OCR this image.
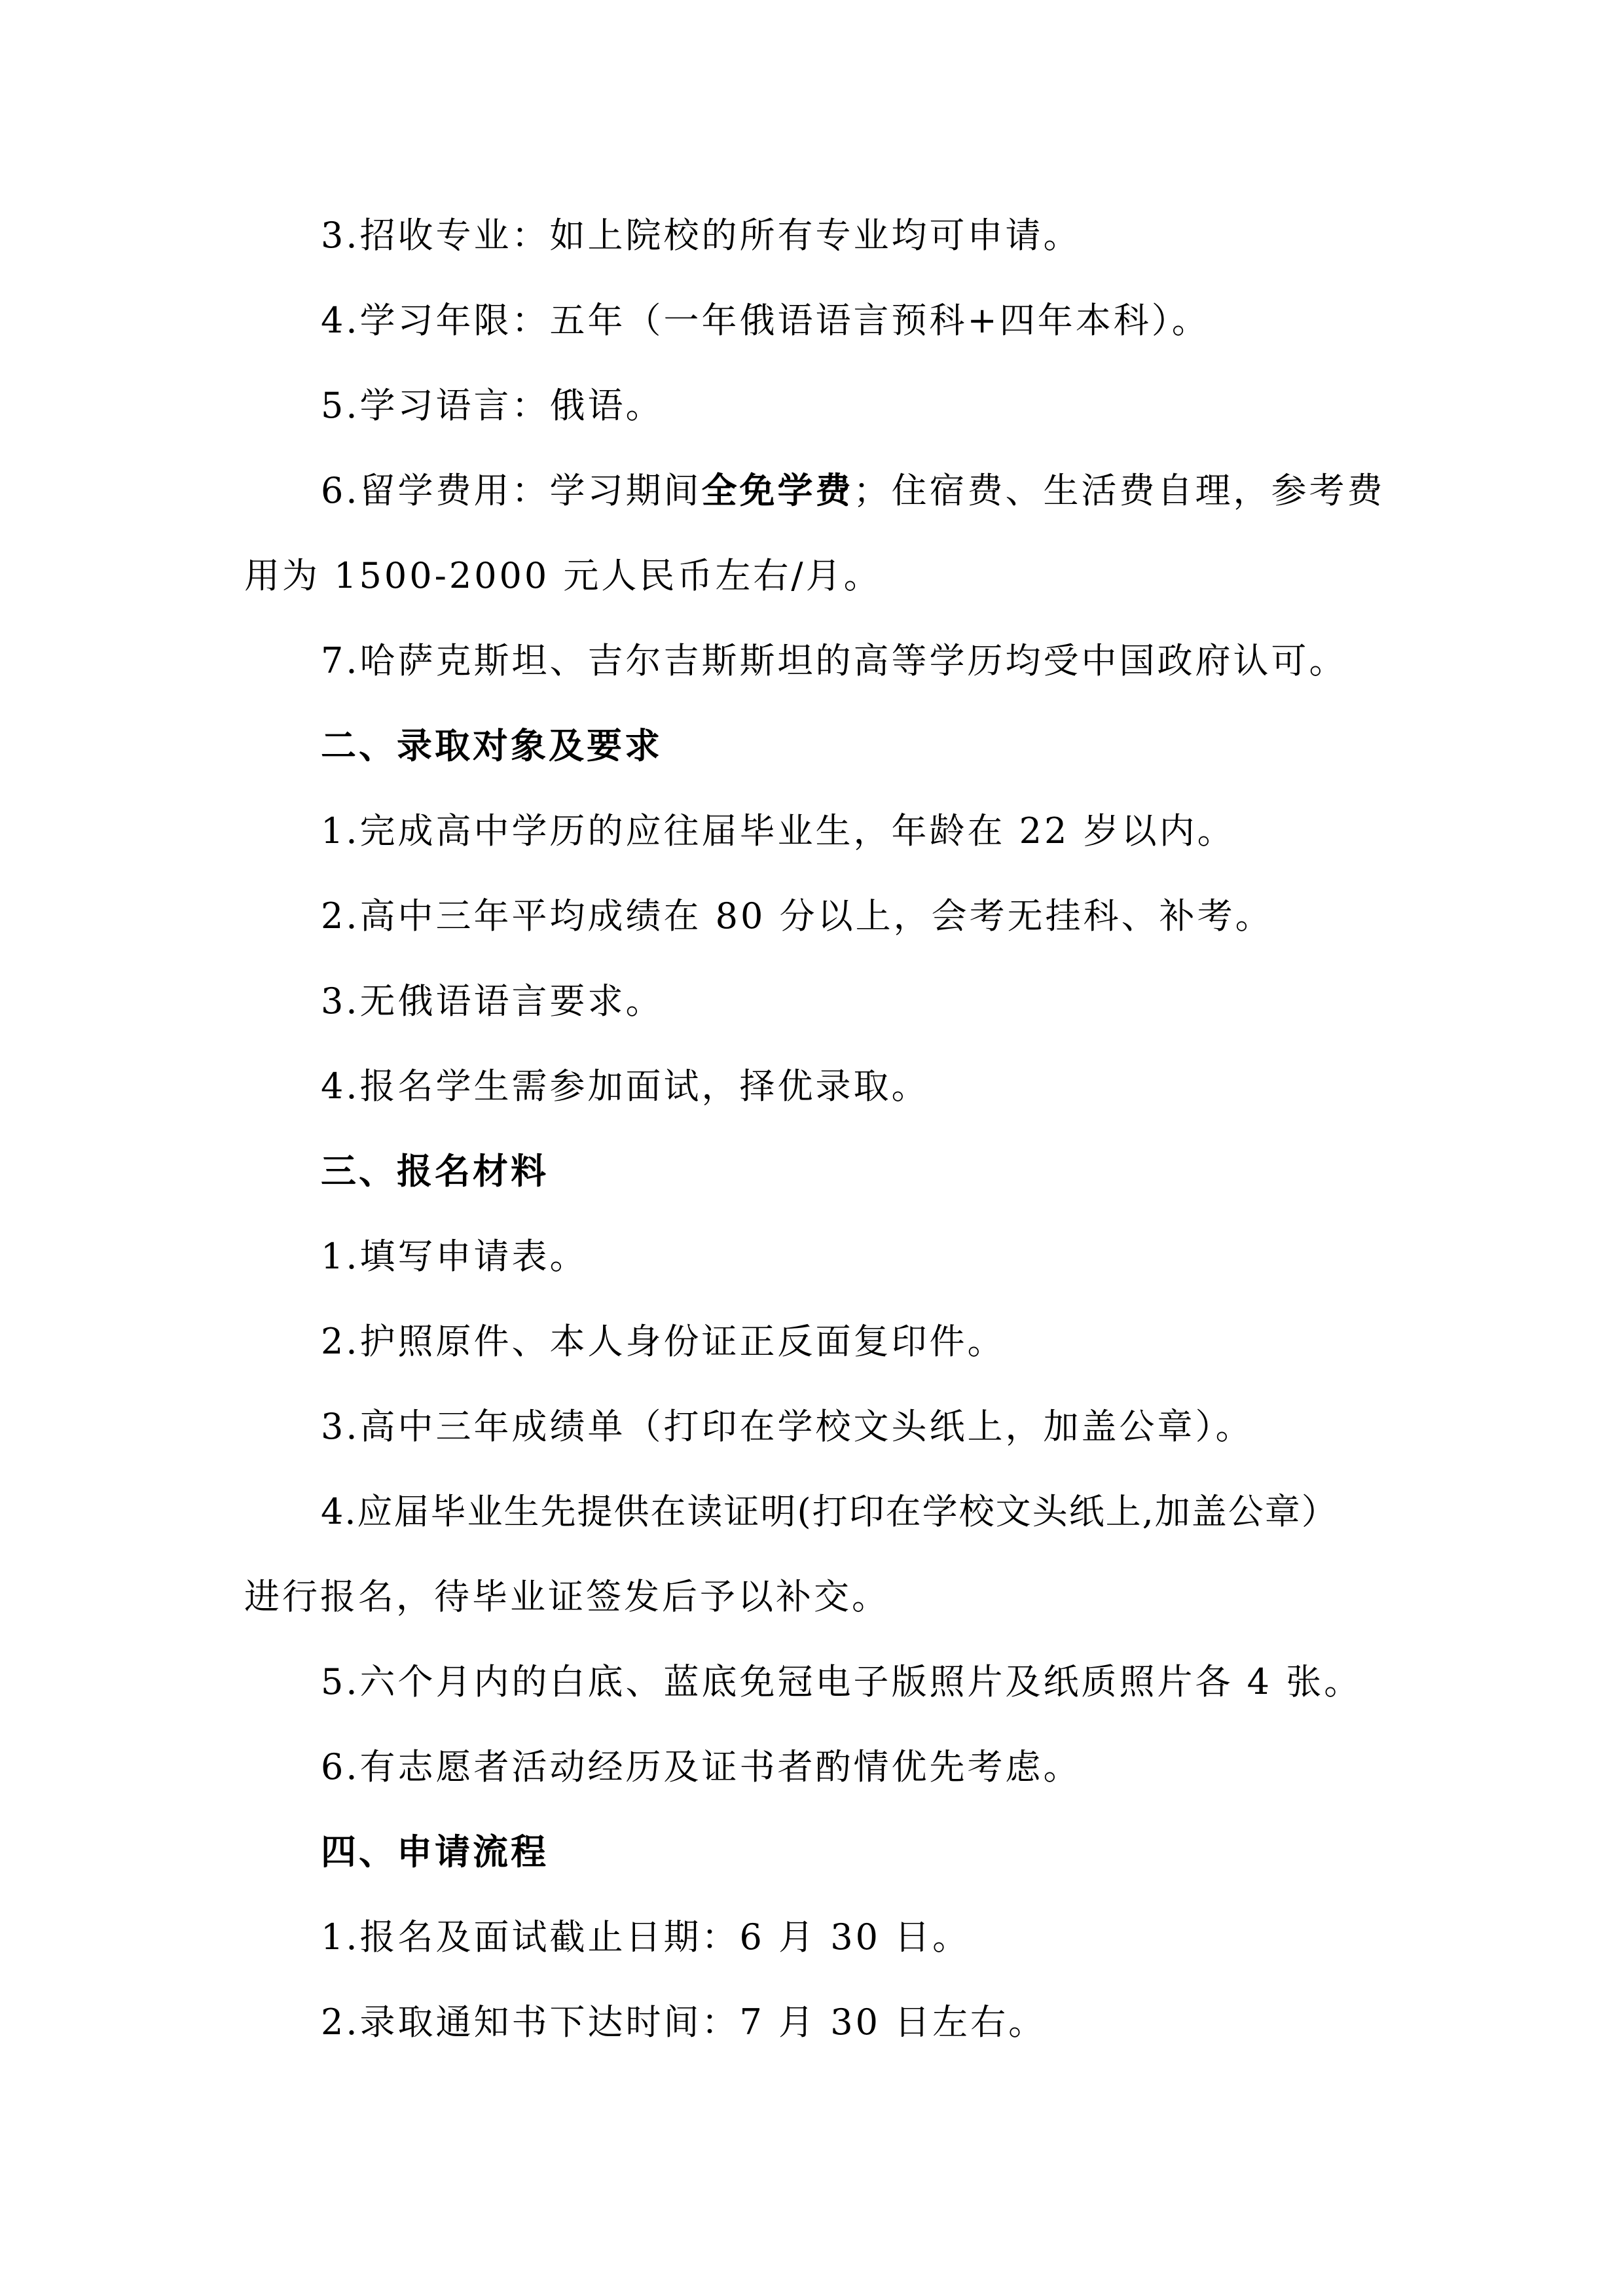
3.招收专业：如上院校的所有专业均可申请。
4.学习年限：五年（一年俄语语言预科+四年本科）。
5.学习语言：俄语。
6.留学费用：学习期间全免学费；住宿费、生活费自理，参考费
用为 1500-2000 元人民币左右/月。
7.哈萨克斯坦、吉尔吉斯斯坦的高等学历均受中国政府认可。
二、录取对象及要求
1.完成高中学历的应往届毕业生，年龄在 22 岁以内。
2.高中三年平均成绩在 80 分以上，会考无挂科、补考。
3.无俄语语言要求。
4.报名学生需参加面试，择优录取。
三、报名材料
1.填写申请表。
2.护照原件、本人身份证正反面复印件。
3.高中三年成绩单（打印在学校文头纸上，加盖公章）。
4.应届毕业生先提供在读证明(打印在学校文头纸上,加盖公章）
进行报名，待毕业证签发后予以补交。
5.六个月内的白底、蓝底免冠电子版照片及纸质照片各 4 张。
6.有志愿者活动经历及证书者酌情优先考虑。
四、申请流程
1.报名及面试截止日期：6 月 30 日。
2.录取通知书下达时间：7 月 30 日左右。
